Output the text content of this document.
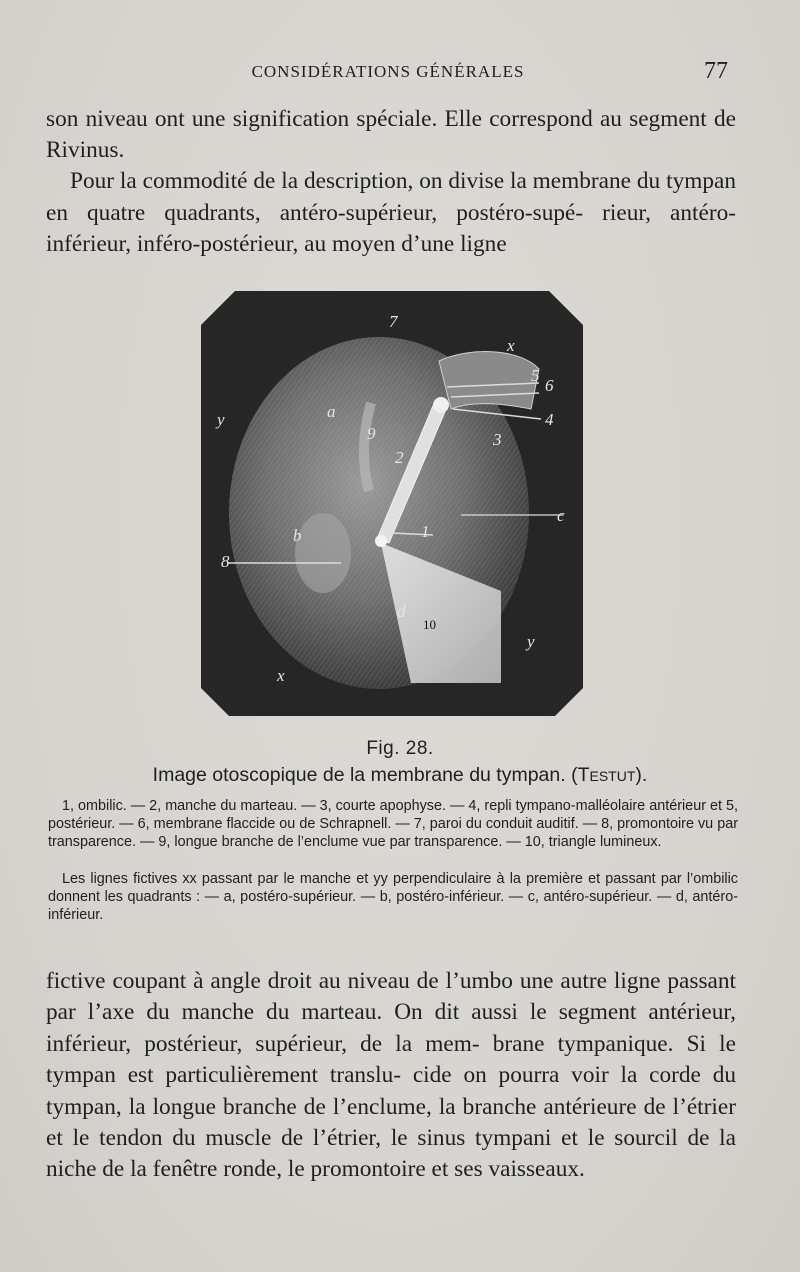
CONSIDÉRATIONS GÉNÉRALES	77

son niveau ont une signification spéciale. Elle correspond au segment de Rivinus.

Pour la commodité de la description, on divise la membrane du tympan en quatre quadrants, antéro-supérieur, postéro-supé- rieur, antéro-inférieur, inféro-postérieur, au moyen d’une ligne

7
x
5
6
y	a	4
9	3
2
c
b	1
8
d
10
y
x
Fig. 28.
Image otoscopique de la membrane du tympan. (Testut).

1, ombilic. — 2, manche du marteau. — 3, courte apophyse. — 4, repli tympano-malléolaire antérieur et 5, postérieur. — 6, membrane flaccide ou de Schrapnell. — 7, paroi du conduit auditif. — 8, promontoire vu par transparence. — 9, longue branche de l’enclume vue par transparence. — 10, triangle lumineux.

Les lignes fictives xx passant par le manche et yy perpendiculaire à la première et passant par l’ombilic donnent les quadrants : — a, postéro-supérieur. — b, postéro-inférieur. — c, antéro-supérieur. — d, antéro-inférieur.

fictive coupant à angle droit au niveau de l’umbo une autre ligne passant par l’axe du manche du marteau. On dit aussi le segment antérieur, inférieur, postérieur, supérieur, de la mem- brane tympanique. Si le tympan est particulièrement translu- cide on pourra voir la corde du tympan, la longue branche de l’enclume, la branche antérieure de l’étrier et le tendon du muscle de l’étrier, le sinus tympani et le sourcil de la niche de la fenêtre ronde, le promontoire et ses vaisseaux.
